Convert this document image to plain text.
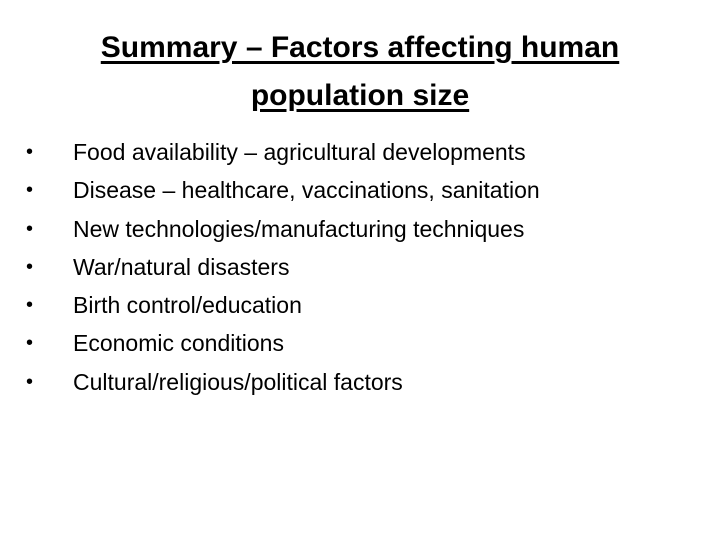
Summary – Factors affecting human
population size
•	Food availability – agricultural developments
•	Disease – healthcare, vaccinations, sanitation
•	New technologies/manufacturing techniques
•	War/natural disasters
•	Birth control/education
•	Economic conditions
•	Cultural/religious/political factors
